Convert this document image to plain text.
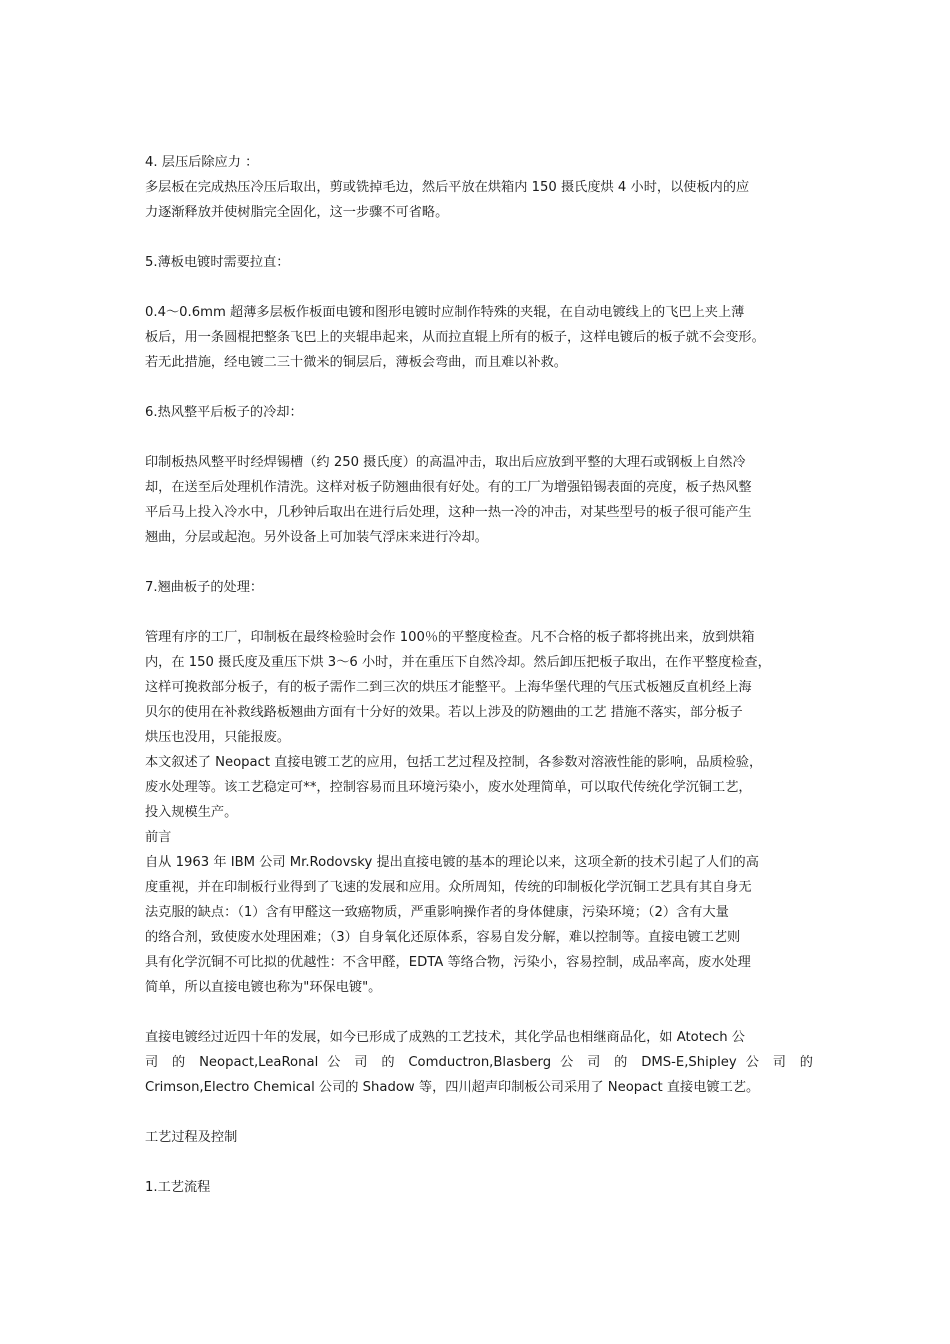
4. 层压后除应力 ：
多层板在完成热压冷压后取出，剪或铣掉毛边，然后平放在烘箱内 150 摄氏度烘 4 小时，以使板内的应
力逐渐释放并使树脂完全固化，这一步骤不可省略。
5.薄板电镀时需要拉直：
0.4～0.6mm 超薄多层板作板面电镀和图形电镀时应制作特殊的夹辊，在自动电镀线上的飞巴上夹上薄
板后，用一条圆棍把整条飞巴上的夹辊串起来，从而拉直辊上所有的板子，这样电镀后的板子就不会变形。
若无此措施，经电镀二三十微米的铜层后，薄板会弯曲，而且难以补救。
6.热风整平后板子的冷却：
印制板热风整平时经焊锡槽（约 250 摄氏度）的高温冲击，取出后应放到平整的大理石或钢板上自然冷
却，在送至后处理机作清洗。这样对板子防翘曲很有好处。有的工厂为增强铅锡表面的亮度，板子热风整
平后马上投入冷水中，几秒钟后取出在进行后处理，这种一热一冷的冲击，对某些型号的板子很可能产生
翘曲，分层或起泡。另外设备上可加装气浮床来进行冷却。
7.翘曲板子的处理：
管理有序的工厂，印制板在最终检验时会作 100％的平整度检查。凡不合格的板子都将挑出来，放到烘箱
内，在 150 摄氏度及重压下烘 3～6 小时，并在重压下自然冷却。然后卸压把板子取出，在作平整度检查，
这样可挽救部分板子，有的板子需作二到三次的烘压才能整平。上海华堡代理的气压式板翘反直机经上海
贝尔的使用在补救线路板翘曲方面有十分好的效果。若以上涉及的防翘曲的工艺 措施不落实，部分板子
烘压也没用，只能报废。
本文叙述了 Neopact 直接电镀工艺的应用，包括工艺过程及控制，各参数对溶液性能的影响，品质检验，
废水处理等。该工艺稳定可**，控制容易而且环境污染小，废水处理简单，可以取代传统化学沉铜工艺，
投入规模生产。
前言
自从 1963 年 IBM 公司 Mr.Rodovsky 提出直接电镀的基本的理论以来，这项全新的技术引起了人们的高
度重视，并在印制板行业得到了飞速的发展和应用。众所周知，传统的印制板化学沉铜工艺具有其自身无
法克服的缺点：（1）含有甲醛这一致癌物质，严重影响操作者的身体健康，污染环境；（2）含有大量
的络合剂，致使废水处理困难；（3）自身氧化还原体系，容易自发分解，难以控制等。直接电镀工艺则
具有化学沉铜不可比拟的优越性：不含甲醛，EDTA 等络合物，污染小，容易控制，成品率高，废水处理
简单，所以直接电镀也称为"环保电镀"。
直接电镀经过近四十年的发展，如今已形成了成熟的工艺技术，其化学品也相继商品化，如 Atotech 公
司 的 Neopact,LeaRonal 公 司 的 Comductron,Blasberg 公 司 的 DMS-E,Shipley 公 司 的
Crimson,Electro Chemical 公司的 Shadow 等，四川超声印制板公司采用了 Neopact 直接电镀工艺。
工艺过程及控制
1.工艺流程
